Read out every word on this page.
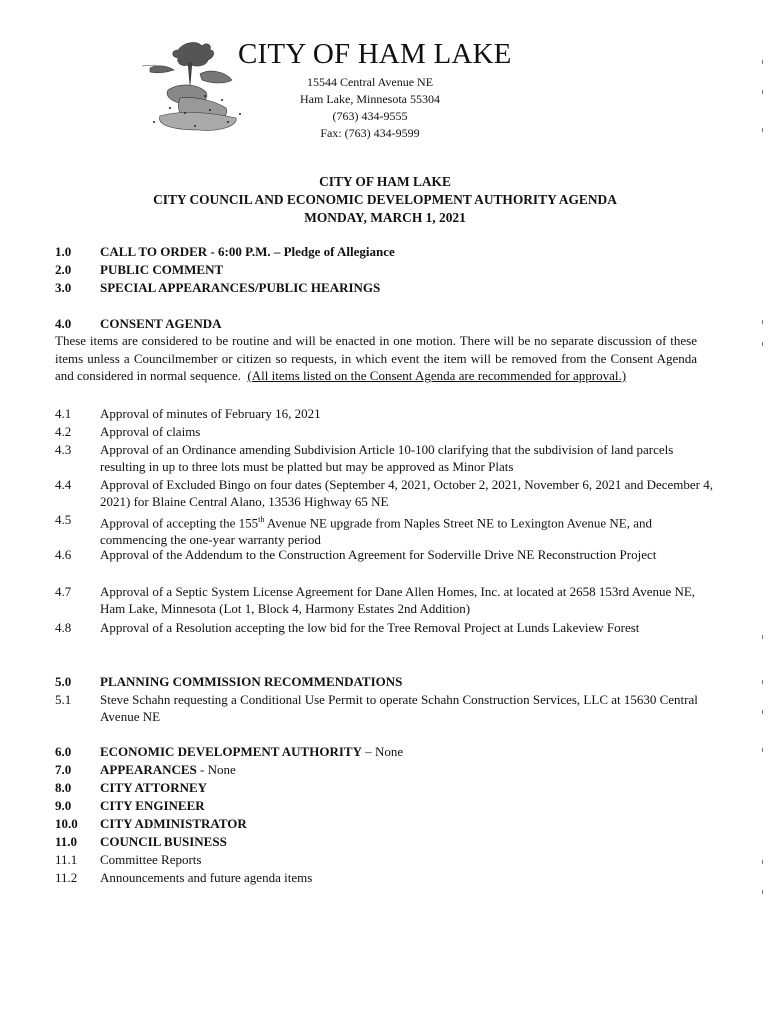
CITY OF HAM LAKE
15544 Central Avenue NE
Ham Lake, Minnesota 55304
(763) 434-9555
Fax: (763) 434-9599
CITY OF HAM LAKE
CITY COUNCIL AND ECONOMIC DEVELOPMENT AUTHORITY AGENDA
MONDAY, MARCH 1, 2021
1.0	CALL TO ORDER - 6:00 P.M. – Pledge of Allegiance
2.0	PUBLIC COMMENT
3.0	SPECIAL APPEARANCES/PUBLIC HEARINGS
4.0	CONSENT AGENDA
These items are considered to be routine and will be enacted in one motion. There will be no separate discussion of these items unless a Councilmember or citizen so requests, in which event the item will be removed from the Consent Agenda and considered in normal sequence. (All items listed on the Consent Agenda are recommended for approval.)
4.1	Approval of minutes of February 16, 2021
4.2	Approval of claims
4.3	Approval of an Ordinance amending Subdivision Article 10-100 clarifying that the subdivision of land parcels resulting in up to three lots must be platted but may be approved as Minor Plats
4.4	Approval of Excluded Bingo on four dates (September 4, 2021, October 2, 2021, November 6, 2021 and December 4, 2021) for Blaine Central Alano, 13536 Highway 65 NE
4.5	Approval of accepting the 155th Avenue NE upgrade from Naples Street NE to Lexington Avenue NE, and commencing the one-year warranty period
4.6	Approval of the Addendum to the Construction Agreement for Soderville Drive NE Reconstruction Project
4.7	Approval of a Septic System License Agreement for Dane Allen Homes, Inc. at located at 2658 153rd Avenue NE, Ham Lake, Minnesota (Lot 1, Block 4, Harmony Estates 2nd Addition)
4.8	Approval of a Resolution accepting the low bid for the Tree Removal Project at Lunds Lakeview Forest
5.0	PLANNING COMMISSION RECOMMENDATIONS
5.1	Steve Schahn requesting a Conditional Use Permit to operate Schahn Construction Services, LLC at 15630 Central Avenue NE
6.0	ECONOMIC DEVELOPMENT AUTHORITY – None
7.0	APPEARANCES - None
8.0	CITY ATTORNEY
9.0	CITY ENGINEER
10.0	CITY ADMINISTRATOR
11.0	COUNCIL BUSINESS
11.1	Committee Reports
11.2	Announcements and future agenda items
